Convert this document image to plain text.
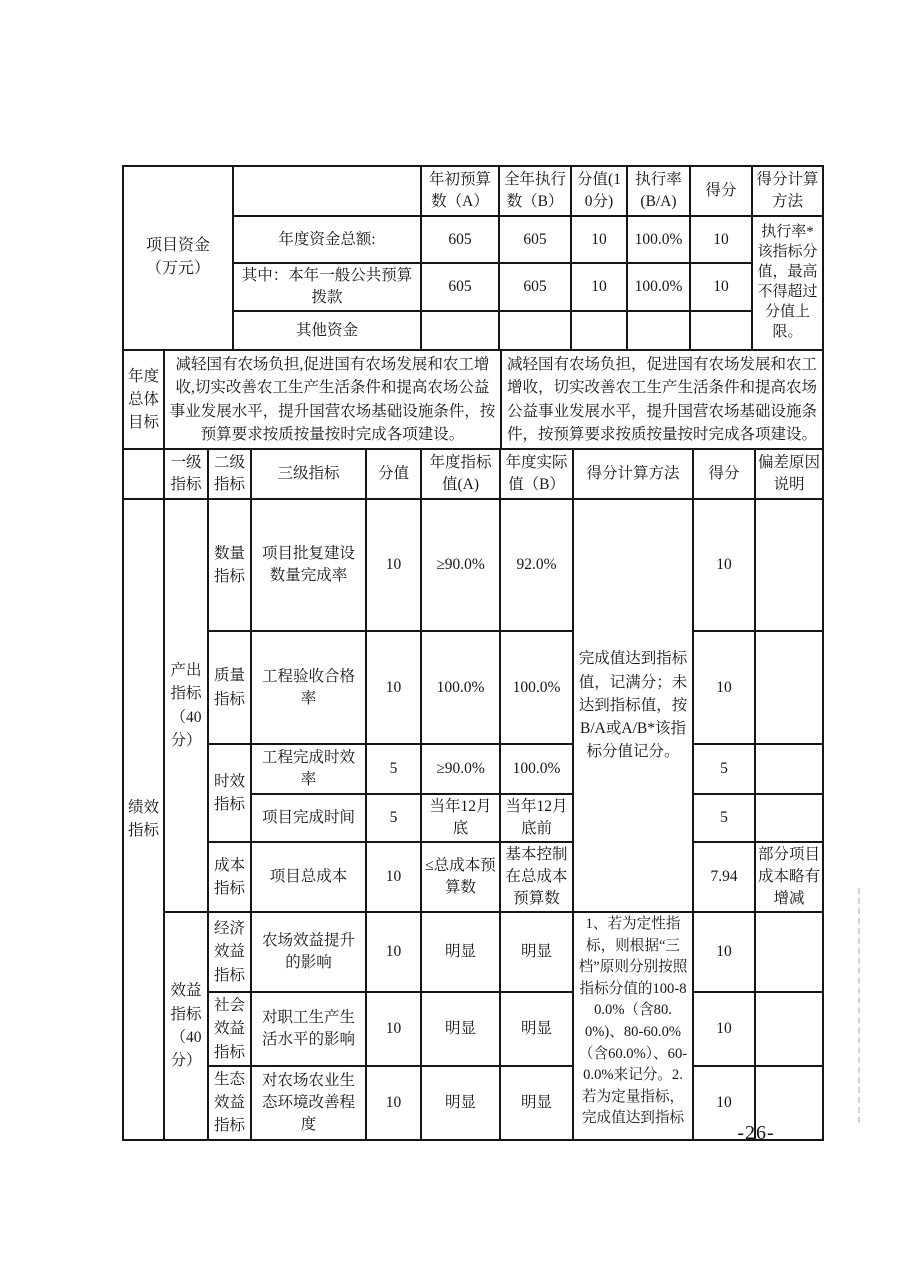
项目资金（万元）		年初预算数（A）	全年执行数（B）	分值(10分)	执行率(B/A)	得分	得分计算方法
	年度资金总额:	605	605	10	100.0%	10	执行率*该指标分值，最高不得超过分值上限。
	其中：本年一般公共预算拨款	605	605	10	100.0%	10	
	其他资金						
年度总体目标	减轻国有农场负担,促进国有农场发展和农工增收,切实改善农工生产生活条件和提高农场公益事业发展水平，提升国营农场基础设施条件，按预算要求按质按量按时完成各项建设。	减轻国有农场负担，促进国有农场发展和农工增收，切实改善农工生产生活条件和提高农场公益事业发展水平，提升国营农场基础设施条件，按预算要求按质按量按时完成各项建设。
	一级指标	二级指标	三级指标	分值	年度指标值(A)	年度实际值（B）	得分计算方法	得分	偏差原因说明
绩效指标	产出指标（40分）	数量指标	项目批复建设数量完成率	10	≥90.0%	92.0%	完成值达到指标值，记满分；未达到指标值，按B/A或A/B*该指标分值记分。	10	
		质量指标	工程验收合格率	10	100.0%	100.0%		10	
		时效指标	工程完成时效率	5	≥90.0%	100.0%		5	
			项目完成时间	5	当年12月底	当年12月底前		5	
		成本指标	项目总成本	10	≤总成本预算数	基本控制在总成本预算数		7.94	部分项目成本略有增减
	效益指标（40分）	经济效益指标	农场效益提升的影响	10	明显	明显	1、若为定性指标，则根据“三档”原则分别按照指标分值的100-80.0%（含80.0%)、80-60.0%（含60.0%）、60-0.0%来记分。2.若为定量指标，完成值达到指标	10	
		社会效益指标	对职工生产生活水平的影响	10	明显	明显		10	
		生态效益指标	对农场农业生态环境改善程度	10	明显	明显		10	
-26-
